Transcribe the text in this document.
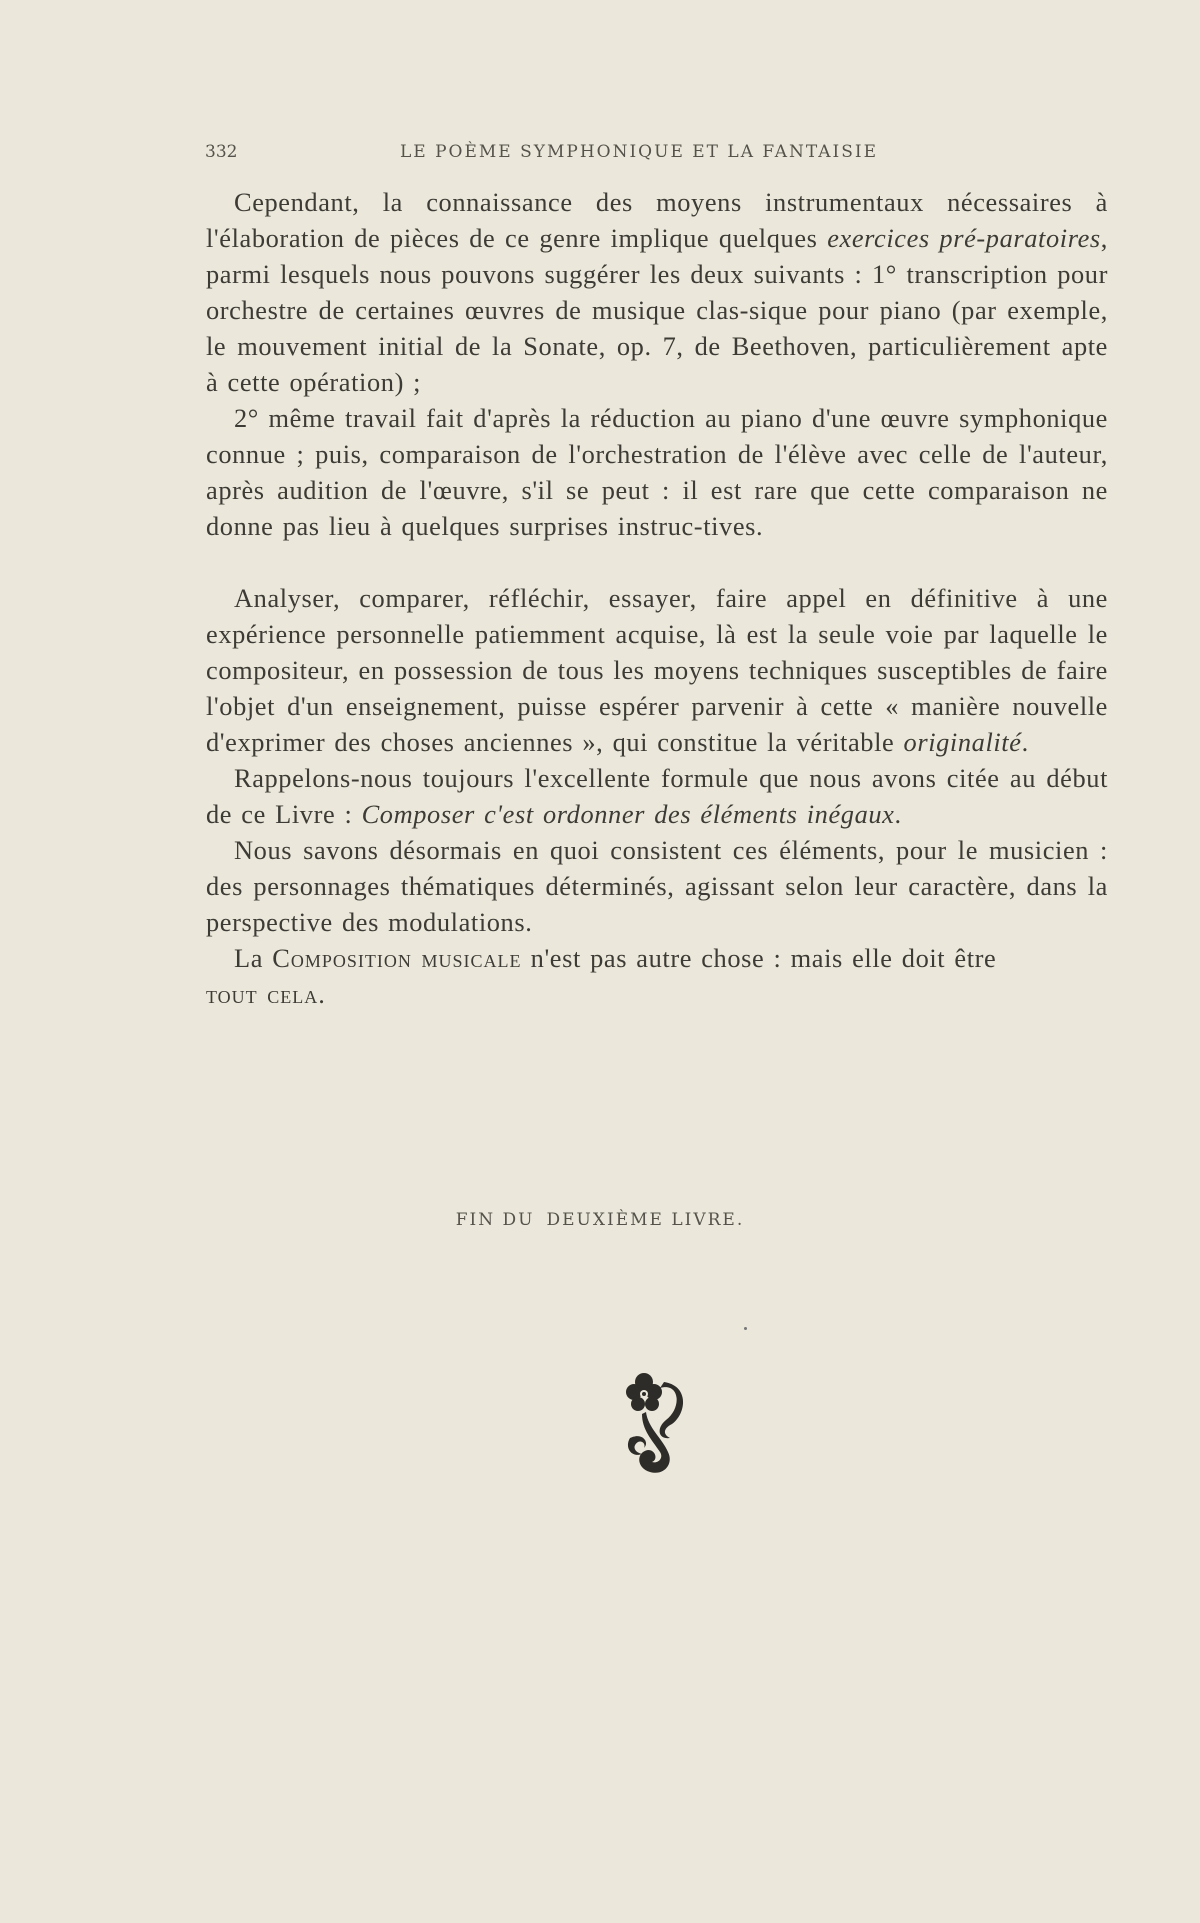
332	LE POÈME SYMPHONIQUE ET LA FANTAISIE

Cependant, la connaissance des moyens instrumentaux nécessaires à l'élaboration de pièces de ce genre implique quelques exercices pré-paratoires, parmi lesquels nous pouvons suggérer les deux suivants : 1° transcription pour orchestre de certaines œuvres de musique clas-sique pour piano (par exemple, le mouvement initial de la Sonate, op. 7, de Beethoven, particulièrement apte à cette opération) ;

2° même travail fait d'après la réduction au piano d'une œuvre symphonique connue ; puis, comparaison de l'orchestration de l'élève avec celle de l'auteur, après audition de l'œuvre, s'il se peut : il est rare que cette comparaison ne donne pas lieu à quelques surprises instruc-tives.

Analyser, comparer, réfléchir, essayer, faire appel en définitive à une expérience personnelle patiemment acquise, là est la seule voie par laquelle le compositeur, en possession de tous les moyens techniques susceptibles de faire l'objet d'un enseignement, puisse espérer parvenir à cette « manière nouvelle d'exprimer des choses anciennes », qui constitue la véritable originalité.

Rappelons-nous toujours l'excellente formule que nous avons citée au début de ce Livre : Composer c'est ordonner des éléments inégaux.

Nous savons désormais en quoi consistent ces éléments, pour le musicien : des personnages thématiques déterminés, agissant selon leur caractère, dans la perspective des modulations.

La Composition musicale n'est pas autre chose : mais elle doit être
tout cela.

FIN DU DEUXIÈME LIVRE.
